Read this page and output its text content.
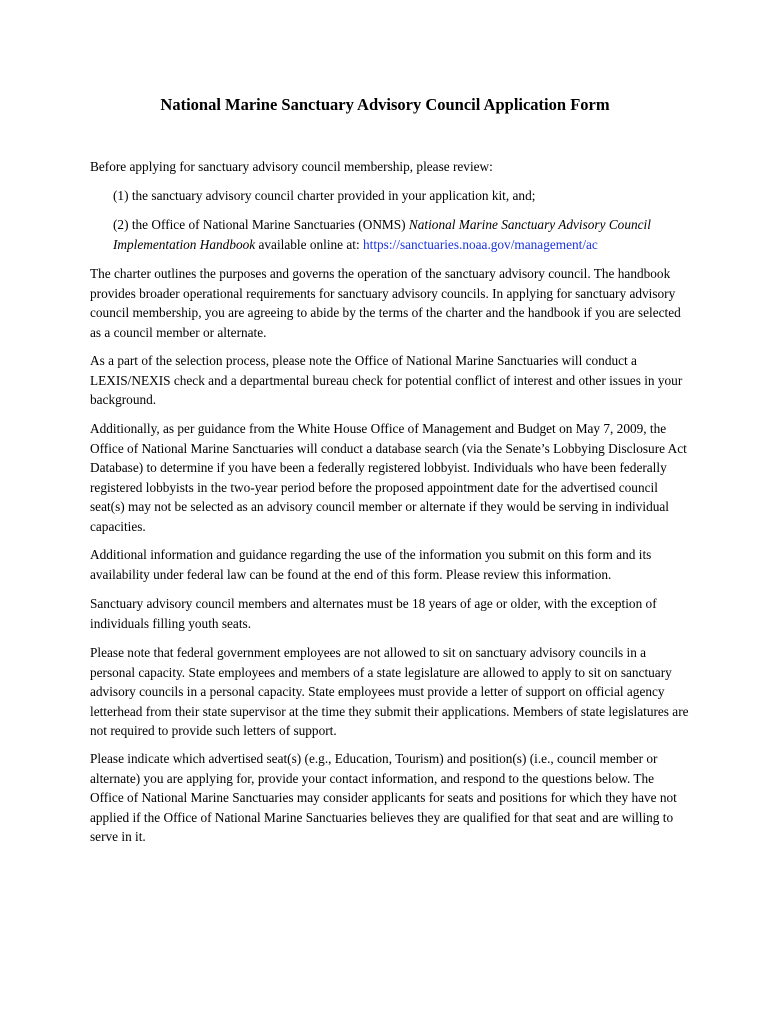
National Marine Sanctuary Advisory Council Application Form

Before applying for sanctuary advisory council membership, please review:

(1) the sanctuary advisory council charter provided in your application kit, and;

(2) the Office of National Marine Sanctuaries (ONMS) National Marine Sanctuary Advisory Council Implementation Handbook available online at: https://sanctuaries.noaa.gov/management/ac

The charter outlines the purposes and governs the operation of the sanctuary advisory council. The handbook provides broader operational requirements for sanctuary advisory councils. In applying for sanctuary advisory council membership, you are agreeing to abide by the terms of the charter and the handbook if you are selected as a council member or alternate.

As a part of the selection process, please note the Office of National Marine Sanctuaries will conduct a LEXIS/NEXIS check and a departmental bureau check for potential conflict of interest and other issues in your background.

Additionally, as per guidance from the White House Office of Management and Budget on May 7, 2009, the Office of National Marine Sanctuaries will conduct a database search (via the Senate’s Lobbying Disclosure Act Database) to determine if you have been a federally registered lobbyist. Individuals who have been federally registered lobbyists in the two-year period before the proposed appointment date for the advertised council seat(s) may not be selected as an advisory council member or alternate if they would be serving in individual capacities.

Additional information and guidance regarding the use of the information you submit on this form and its availability under federal law can be found at the end of this form. Please review this information.

Sanctuary advisory council members and alternates must be 18 years of age or older, with the exception of individuals filling youth seats.

Please note that federal government employees are not allowed to sit on sanctuary advisory councils in a personal capacity. State employees and members of a state legislature are allowed to apply to sit on sanctuary advisory councils in a personal capacity. State employees must provide a letter of support on official agency letterhead from their state supervisor at the time they submit their applications. Members of state legislatures are not required to provide such letters of support.

Please indicate which advertised seat(s) (e.g., Education, Tourism) and position(s) (i.e., council member or alternate) you are applying for, provide your contact information, and respond to the questions below. The Office of National Marine Sanctuaries may consider applicants for seats and positions for which they have not applied if the Office of National Marine Sanctuaries believes they are qualified for that seat and are willing to serve in it.
